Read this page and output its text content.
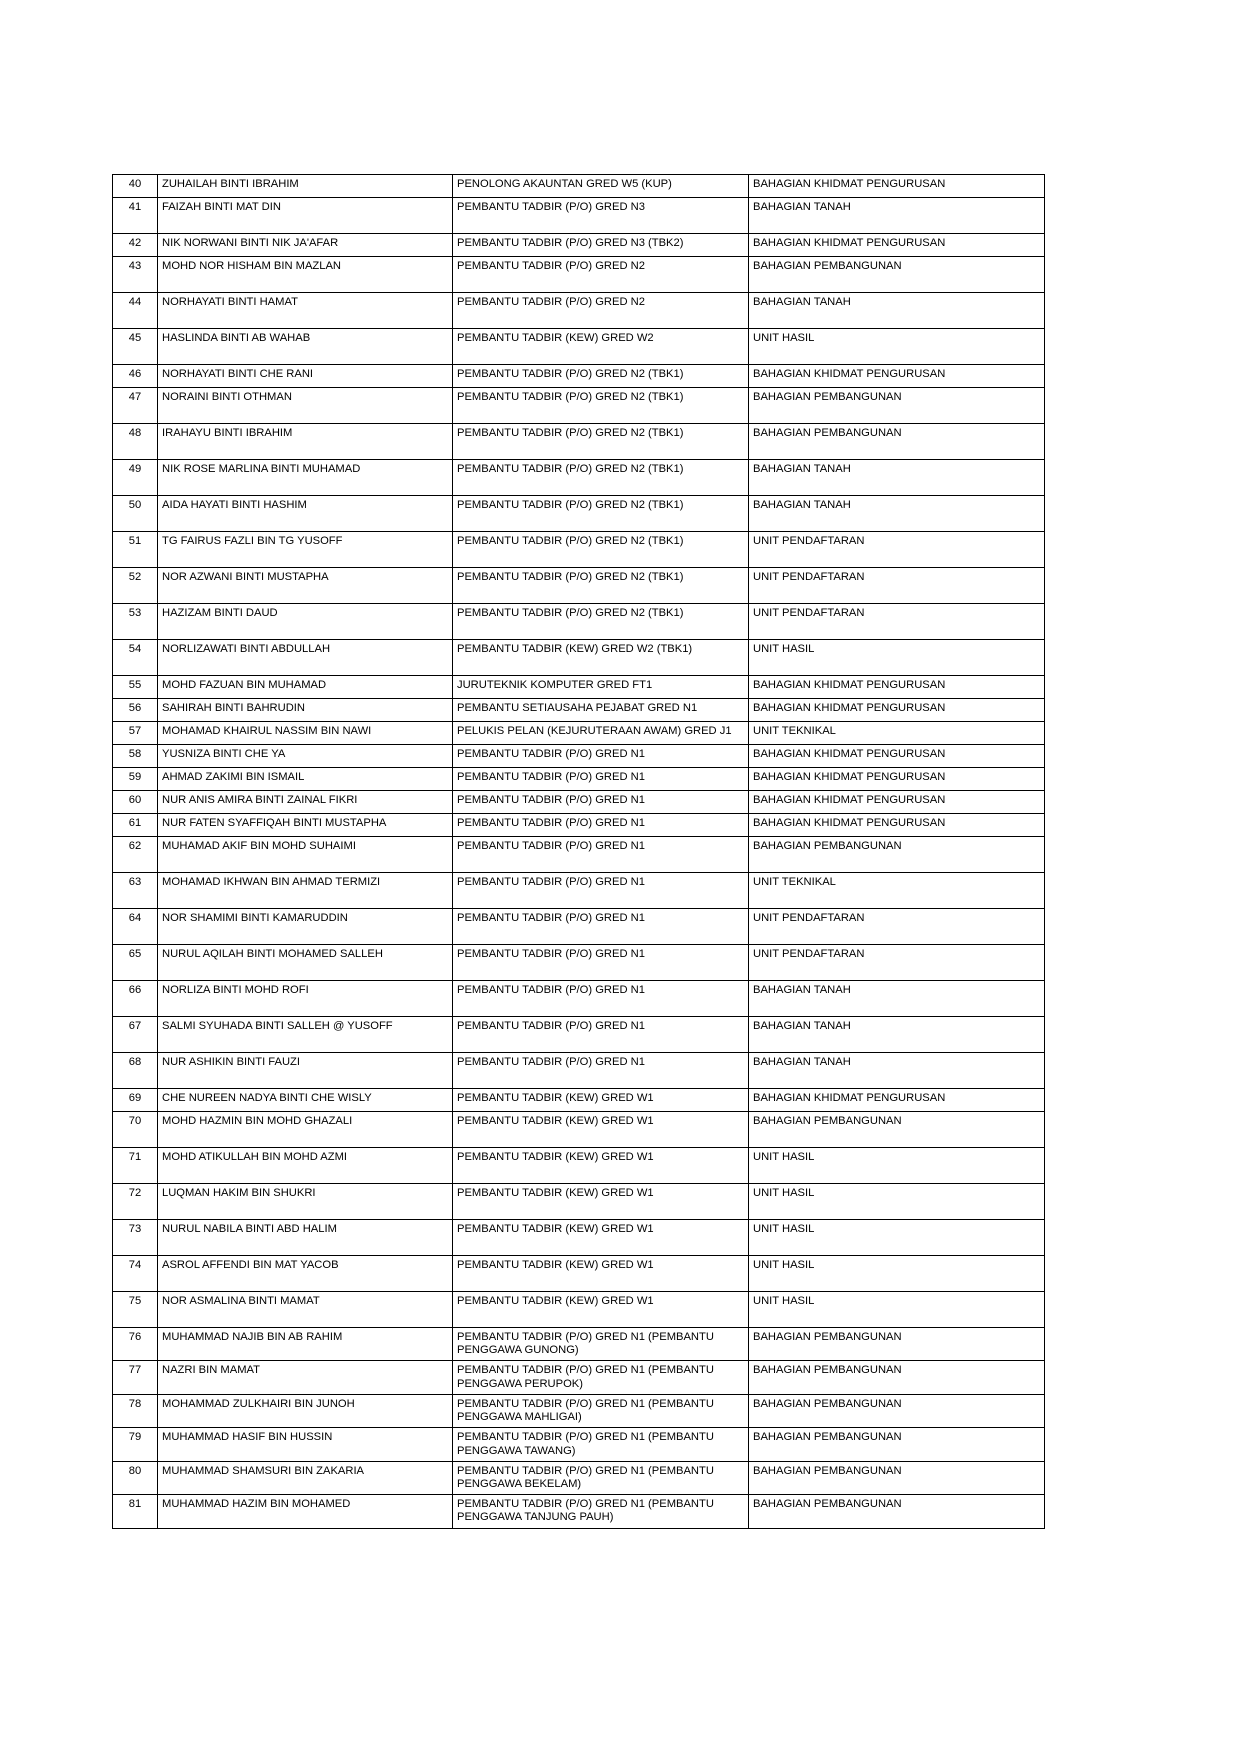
40	ZUHAILAH BINTI IBRAHIM	PENOLONG AKAUNTAN GRED W5 (KUP)	BAHAGIAN KHIDMAT PENGURUSAN
41	FAIZAH BINTI MAT DIN	PEMBANTU TADBIR (P/O) GRED N3	BAHAGIAN TANAH
42	NIK NORWANI BINTI NIK JA'AFAR	PEMBANTU TADBIR (P/O) GRED N3 (TBK2)	BAHAGIAN KHIDMAT PENGURUSAN
43	MOHD NOR HISHAM BIN MAZLAN	PEMBANTU TADBIR (P/O) GRED N2	BAHAGIAN PEMBANGUNAN
44	NORHAYATI BINTI HAMAT	PEMBANTU TADBIR (P/O) GRED N2	BAHAGIAN TANAH
45	HASLINDA BINTI AB WAHAB	PEMBANTU TADBIR (KEW) GRED W2	UNIT HASIL
46	NORHAYATI BINTI CHE RANI	PEMBANTU TADBIR (P/O) GRED N2 (TBK1)	BAHAGIAN KHIDMAT PENGURUSAN
47	NORAINI BINTI OTHMAN	PEMBANTU TADBIR (P/O) GRED N2 (TBK1)	BAHAGIAN PEMBANGUNAN
48	IRAHAYU BINTI IBRAHIM	PEMBANTU TADBIR (P/O) GRED N2 (TBK1)	BAHAGIAN PEMBANGUNAN
49	NIK ROSE MARLINA BINTI MUHAMAD	PEMBANTU TADBIR (P/O) GRED N2 (TBK1)	BAHAGIAN TANAH
50	AIDA HAYATI BINTI HASHIM	PEMBANTU TADBIR (P/O) GRED N2 (TBK1)	BAHAGIAN TANAH
51	TG FAIRUS FAZLI BIN TG YUSOFF	PEMBANTU TADBIR (P/O) GRED N2 (TBK1)	UNIT PENDAFTARAN
52	NOR AZWANI BINTI MUSTAPHA	PEMBANTU TADBIR (P/O) GRED N2 (TBK1)	UNIT PENDAFTARAN
53	HAZIZAM BINTI DAUD	PEMBANTU TADBIR (P/O) GRED N2 (TBK1)	UNIT PENDAFTARAN
54	NORLIZAWATI BINTI ABDULLAH	PEMBANTU TADBIR (KEW) GRED W2 (TBK1)	UNIT HASIL
55	MOHD FAZUAN BIN MUHAMAD	JURUTEKNIK KOMPUTER GRED FT1	BAHAGIAN KHIDMAT PENGURUSAN
56	SAHIRAH BINTI BAHRUDIN	PEMBANTU SETIAUSAHA PEJABAT GRED N1	BAHAGIAN KHIDMAT PENGURUSAN
57	MOHAMAD KHAIRUL NASSIM BIN NAWI	PELUKIS PELAN (KEJURUTERAAN AWAM) GRED J1	UNIT TEKNIKAL
58	YUSNIZA BINTI CHE YA	PEMBANTU TADBIR (P/O) GRED N1	BAHAGIAN KHIDMAT PENGURUSAN
59	AHMAD ZAKIMI BIN ISMAIL	PEMBANTU TADBIR (P/O) GRED N1	BAHAGIAN KHIDMAT PENGURUSAN
60	NUR ANIS AMIRA BINTI ZAINAL FIKRI	PEMBANTU TADBIR (P/O) GRED N1	BAHAGIAN KHIDMAT PENGURUSAN
61	NUR FATEN SYAFFIQAH BINTI MUSTAPHA	PEMBANTU TADBIR (P/O) GRED N1	BAHAGIAN KHIDMAT PENGURUSAN
62	MUHAMAD AKIF BIN MOHD SUHAIMI	PEMBANTU TADBIR (P/O) GRED N1	BAHAGIAN PEMBANGUNAN
63	MOHAMAD IKHWAN BIN AHMAD TERMIZI	PEMBANTU TADBIR (P/O) GRED N1	UNIT TEKNIKAL
64	NOR SHAMIMI BINTI KAMARUDDIN	PEMBANTU TADBIR (P/O) GRED N1	UNIT PENDAFTARAN
65	NURUL AQILAH BINTI MOHAMED SALLEH	PEMBANTU TADBIR (P/O) GRED N1	UNIT PENDAFTARAN
66	NORLIZA BINTI MOHD ROFI	PEMBANTU TADBIR (P/O) GRED N1	BAHAGIAN TANAH
67	SALMI SYUHADA BINTI SALLEH @ YUSOFF	PEMBANTU TADBIR (P/O) GRED N1	BAHAGIAN TANAH
68	NUR ASHIKIN BINTI FAUZI	PEMBANTU TADBIR (P/O) GRED N1	BAHAGIAN TANAH
69	CHE NUREEN NADYA BINTI CHE WISLY	PEMBANTU TADBIR (KEW) GRED W1	BAHAGIAN KHIDMAT PENGURUSAN
70	MOHD HAZMIN BIN MOHD GHAZALI	PEMBANTU TADBIR (KEW) GRED W1	BAHAGIAN PEMBANGUNAN
71	MOHD ATIKULLAH BIN MOHD AZMI	PEMBANTU TADBIR (KEW) GRED W1	UNIT HASIL
72	LUQMAN HAKIM BIN SHUKRI	PEMBANTU TADBIR (KEW) GRED W1	UNIT HASIL
73	NURUL NABILA BINTI ABD HALIM	PEMBANTU TADBIR (KEW) GRED W1	UNIT HASIL
74	ASROL AFFENDI BIN MAT YACOB	PEMBANTU TADBIR (KEW) GRED W1	UNIT HASIL
75	NOR ASMALINA BINTI MAMAT	PEMBANTU TADBIR (KEW) GRED W1	UNIT HASIL
76	MUHAMMAD NAJIB BIN AB RAHIM	PEMBANTU TADBIR (P/O) GRED N1 (PEMBANTU PENGGAWA GUNONG)	BAHAGIAN PEMBANGUNAN
77	NAZRI BIN MAMAT	PEMBANTU TADBIR (P/O) GRED N1 (PEMBANTU PENGGAWA PERUPOK)	BAHAGIAN PEMBANGUNAN
78	MOHAMMAD ZULKHAIRI BIN JUNOH	PEMBANTU TADBIR (P/O) GRED N1 (PEMBANTU PENGGAWA MAHLIGAI)	BAHAGIAN PEMBANGUNAN
79	MUHAMMAD HASIF BIN HUSSIN	PEMBANTU TADBIR (P/O) GRED N1 (PEMBANTU PENGGAWA TAWANG)	BAHAGIAN PEMBANGUNAN
80	MUHAMMAD SHAMSURI BIN ZAKARIA	PEMBANTU TADBIR (P/O) GRED N1 (PEMBANTU PENGGAWA BEKELAM)	BAHAGIAN PEMBANGUNAN
81	MUHAMMAD HAZIM BIN MOHAMED	PEMBANTU TADBIR (P/O) GRED N1 (PEMBANTU PENGGAWA TANJUNG PAUH)	BAHAGIAN PEMBANGUNAN
